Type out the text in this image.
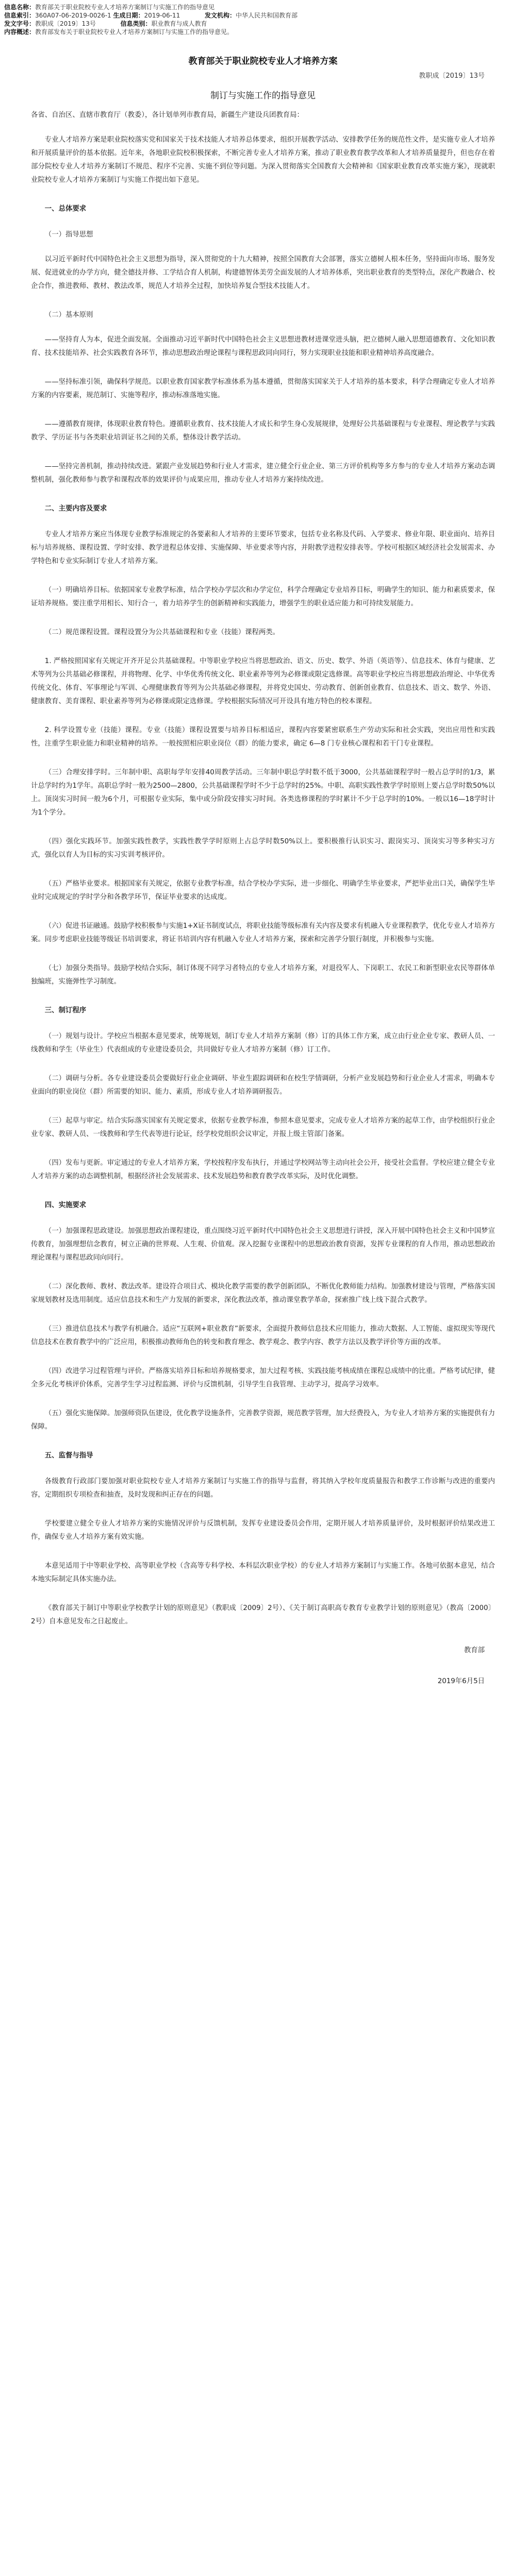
信息名称：教育部关于职业院校专业人才培养方案制订与实施工作的指导意见
信息索引：360A07-06-2019-0026-1 生成日期：2019-06-11	发文机构：中华人民共和国教育部
发文字号：教职成〔2019〕13号	信息类别：职业教育与成人教育
内容概述：教育部发布关于职业院校专业人才培养方案制订与实施工作的指导意见。
教育部关于职业院校专业人才培养方案
教职成〔2019〕13号
制订与实施工作的指导意见
各省、自治区、直辖市教育厅（教委），各计划单列市教育局，新疆生产建设兵团教育局：

专业人才培养方案是职业院校落实党和国家关于技术技能人才培养总体要求，组织开展教学活动、安排教学任务的规范性文件，是实施专业人才培养和开展质量评价的基本依据。近年来，各地职业院校积极探索，不断完善专业人才培养方案，推动了职业教育教学改革和人才培养质量提升，但也存在着部分院校专业人才培养方案制订不规范、程序不完善、实施不到位等问题。为深入贯彻落实全国教育大会精神和《国家职业教育改革实施方案》，现就职业院校专业人才培养方案制订与实施工作提出如下意见。

一、总体要求
（一）指导思想

以习近平新时代中国特色社会主义思想为指导，深入贯彻党的十九大精神，按照全国教育大会部署，落实立德树人根本任务，坚持面向市场、服务发展、促进就业的办学方向，健全德技并修、工学结合育人机制，构建德智体美劳全面发展的人才培养体系，突出职业教育的类型特点，深化产教融合、校企合作，推进教师、教材、教法改革，规范人才培养全过程，加快培养复合型技术技能人才。

（二）基本原则

——坚持育人为本，促进全面发展。全面推动习近平新时代中国特色社会主义思想进教材进课堂进头脑，把立德树人融入思想道德教育、文化知识教育、技术技能培养、社会实践教育各环节，推动思想政治理论课程与课程思政同向同行，努力实现职业技能和职业精神培养高度融合。

——坚持标准引领，确保科学规范。以职业教育国家教学标准体系为基本遵循，贯彻落实国家关于人才培养的基本要求，科学合理确定专业人才培养方案的内容要素，规范制订、实施等程序，推动标准落地实施。

——遵循教育规律，体现职业教育特色。遵循职业教育、技术技能人才成长和学生身心发展规律，处理好公共基础课程与专业课程、理论教学与实践教学、学历证书与各类职业培训证书之间的关系，整体设计教学活动。

——坚持完善机制，推动持续改进。紧跟产业发展趋势和行业人才需求，建立健全行业企业、第三方评价机构等多方参与的专业人才培养方案动态调整机制，强化教师参与教学和课程改革的效果评价与成果应用，推动专业人才培养方案持续改进。

二、主要内容及要求

专业人才培养方案应当体现专业教学标准规定的各要素和人才培养的主要环节要求，包括专业名称及代码、入学要求、修业年限、职业面向、培养目标与培养规格、课程设置、学时安排、教学进程总体安排、实施保障、毕业要求等内容，并附教学进程安排表等。学校可根据区域经济社会发展需求、办学特色和专业实际制订专业人才培养方案。

（一）明确培养目标。依据国家专业教学标准，结合学校办学层次和办学定位，科学合理确定专业培养目标，明确学生的知识、能力和素质要求，保证培养规格。要注重学用相长、知行合一，着力培养学生的创新精神和实践能力，增强学生的职业适应能力和可持续发展能力。

（二）规范课程设置。课程设置分为公共基础课程和专业（技能）课程两类。

1. 严格按照国家有关规定开齐开足公共基础课程。中等职业学校应当将思想政治、语文、历史、数学、外语（英语等）、信息技术、体育与健康、艺术等列为公共基础必修课程，并将物理、化学、中华优秀传统文化、职业素养等列为必修课或限定选修课。高等职业学校应当将思想政治理论、中华优秀传统文化、体育、军事理论与军训、心理健康教育等列为公共基础必修课程，并将党史国史、劳动教育、创新创业教育、信息技术、语文、数学、外语、健康教育、美育课程、职业素养等列为必修课或限定选修课。学校根据实际情况可开设具有地方特色的校本课程。

2. 科学设置专业（技能）课程。专业（技能）课程设置要与培养目标相适应，课程内容要紧密联系生产劳动实际和社会实践，突出应用性和实践性，注重学生职业能力和职业精神的培养。一般按照相应职业岗位（群）的能力要求，确定 6—8 门专业核心课程和若干门专业课程。

（三）合理安排学时。三年制中职、高职每学年安排40周教学活动。三年制中职总学时数不低于3000，公共基础课程学时一般占总学时的1/3，累计总学时约为1学年。高职总学时一般为2500—2800，公共基础课程学时不少于总学时的25%。中职、高职实践性教学学时原则上要占总学时数50%以上。顶岗实习时间一般为6个月，可根据专业实际，集中或分阶段安排实习时间。各类选修课程的学时累计不少于总学时的10%。一般以16—18学时计为1个学分。

（四）强化实践环节。加强实践性教学，实践性教学学时原则上占总学时数50%以上。要积极推行认识实习、跟岗实习、顶岗实习等多种实习方式，强化以育人为目标的实习实训考核评价。

（五）严格毕业要求。根据国家有关规定，依据专业教学标准，结合学校办学实际，进一步细化、明确学生毕业要求，严把毕业出口关，确保学生毕业时完成规定的学时学分和各教学环节，保证毕业要求的达成度。

（六）促进书证融通。鼓励学校积极参与实施1+X证书制度试点，将职业技能等级标准有关内容及要求有机融入专业课程教学，优化专业人才培养方案。同步考虑职业技能等级证书培训要求，将证书培训内容有机融入专业人才培养方案，探索和完善学分银行制度，并积极参与实施。

（七）加强分类指导。鼓励学校结合实际，制订体现不同学习者特点的专业人才培养方案，对退役军人、下岗职工、农民工和新型职业农民等群体单独编班，实施弹性学习制度。

三、制订程序

（一）规划与设计。学校应当根据本意见要求，统筹规划，制订专业人才培养方案制（修）订的具体工作方案，成立由行业企业专家、教研人员、一线教师和学生（毕业生）代表组成的专业建设委员会，共同做好专业人才培养方案制（修）订工作。

（二）调研与分析。各专业建设委员会要做好行业企业调研、毕业生跟踪调研和在校生学情调研，分析产业发展趋势和行业企业人才需求，明确本专业面向的职业岗位（群）所需要的知识、能力、素质，形成专业人才培养调研报告。

（三）起草与审定。结合实际落实国家有关规定要求，依据专业教学标准，参照本意见要求，完成专业人才培养方案的起草工作，由学校组织行业企业专家、教研人员、一线教师和学生代表等进行论证，经学校党组织会议审定，并报上级主管部门备案。

（四）发布与更新。审定通过的专业人才培养方案，学校按程序发布执行，并通过学校网站等主动向社会公开，接受社会监督。学校应建立健全专业人才培养方案的动态调整机制，根据经济社会发展需求、技术发展趋势和教育教学改革实际，及时优化调整。

四、实施要求

（一）加强课程思政建设。加强思想政治课程建设，重点围绕习近平新时代中国特色社会主义思想进行讲授，深入开展中国特色社会主义和中国梦宣传教育，加强理想信念教育，树立正确的世界观、人生观、价值观。深入挖掘专业课程中的思想政治教育资源，发挥专业课程的育人作用，推动思想政治理论课程与课程思政同向同行。

（二）深化教师、教材、教法改革。建设符合项目式、模块化教学需要的教学创新团队，不断优化教师能力结构。加强教材建设与管理，严格落实国家规划教材及选用制度。适应信息技术和生产力发展的新要求，深化教法改革，推动课堂教学革命，探索推广线上线下混合式教学。

（三）推进信息技术与教学有机融合。适应“互联网+职业教育”新要求，全面提升教师信息技术应用能力，推动大数据、人工智能、虚拟现实等现代信息技术在教育教学中的广泛应用，积极推动教师角色的转变和教育理念、教学观念、教学内容、教学方法以及教学评价等方面的改革。

（四）改进学习过程管理与评价。严格落实培养目标和培养规格要求，加大过程考核、实践技能考核成绩在课程总成绩中的比重。严格考试纪律，健全多元化考核评价体系，完善学生学习过程监测、评价与反馈机制，引导学生自我管理、主动学习，提高学习效率。

（五）强化实施保障。加强师资队伍建设，优化教学设施条件，完善教学资源，规范教学管理，加大经费投入，为专业人才培养方案的实施提供有力保障。

五、监督与指导

各级教育行政部门要加强对职业院校专业人才培养方案制订与实施工作的指导与监督，将其纳入学校年度质量报告和教学工作诊断与改进的重要内容，定期组织专项检查和抽查，及时发现和纠正存在的问题。

学校要建立健全专业人才培养方案的实施情况评价与反馈机制，发挥专业建设委员会作用，定期开展人才培养质量评价，及时根据评价结果改进工作，确保专业人才培养方案有效实施。

本意见适用于中等职业学校、高等职业学校（含高等专科学校、本科层次职业学校）的专业人才培养方案制订与实施工作。各地可依据本意见，结合本地实际制定具体实施办法。

《教育部关于制订中等职业学校教学计划的原则意见》（教职成〔2009〕2号）、《关于制订高职高专教育专业教学计划的原则意见》（教高〔2000〕2号）自本意见发布之日起废止。

教育部
2019年6月5日
